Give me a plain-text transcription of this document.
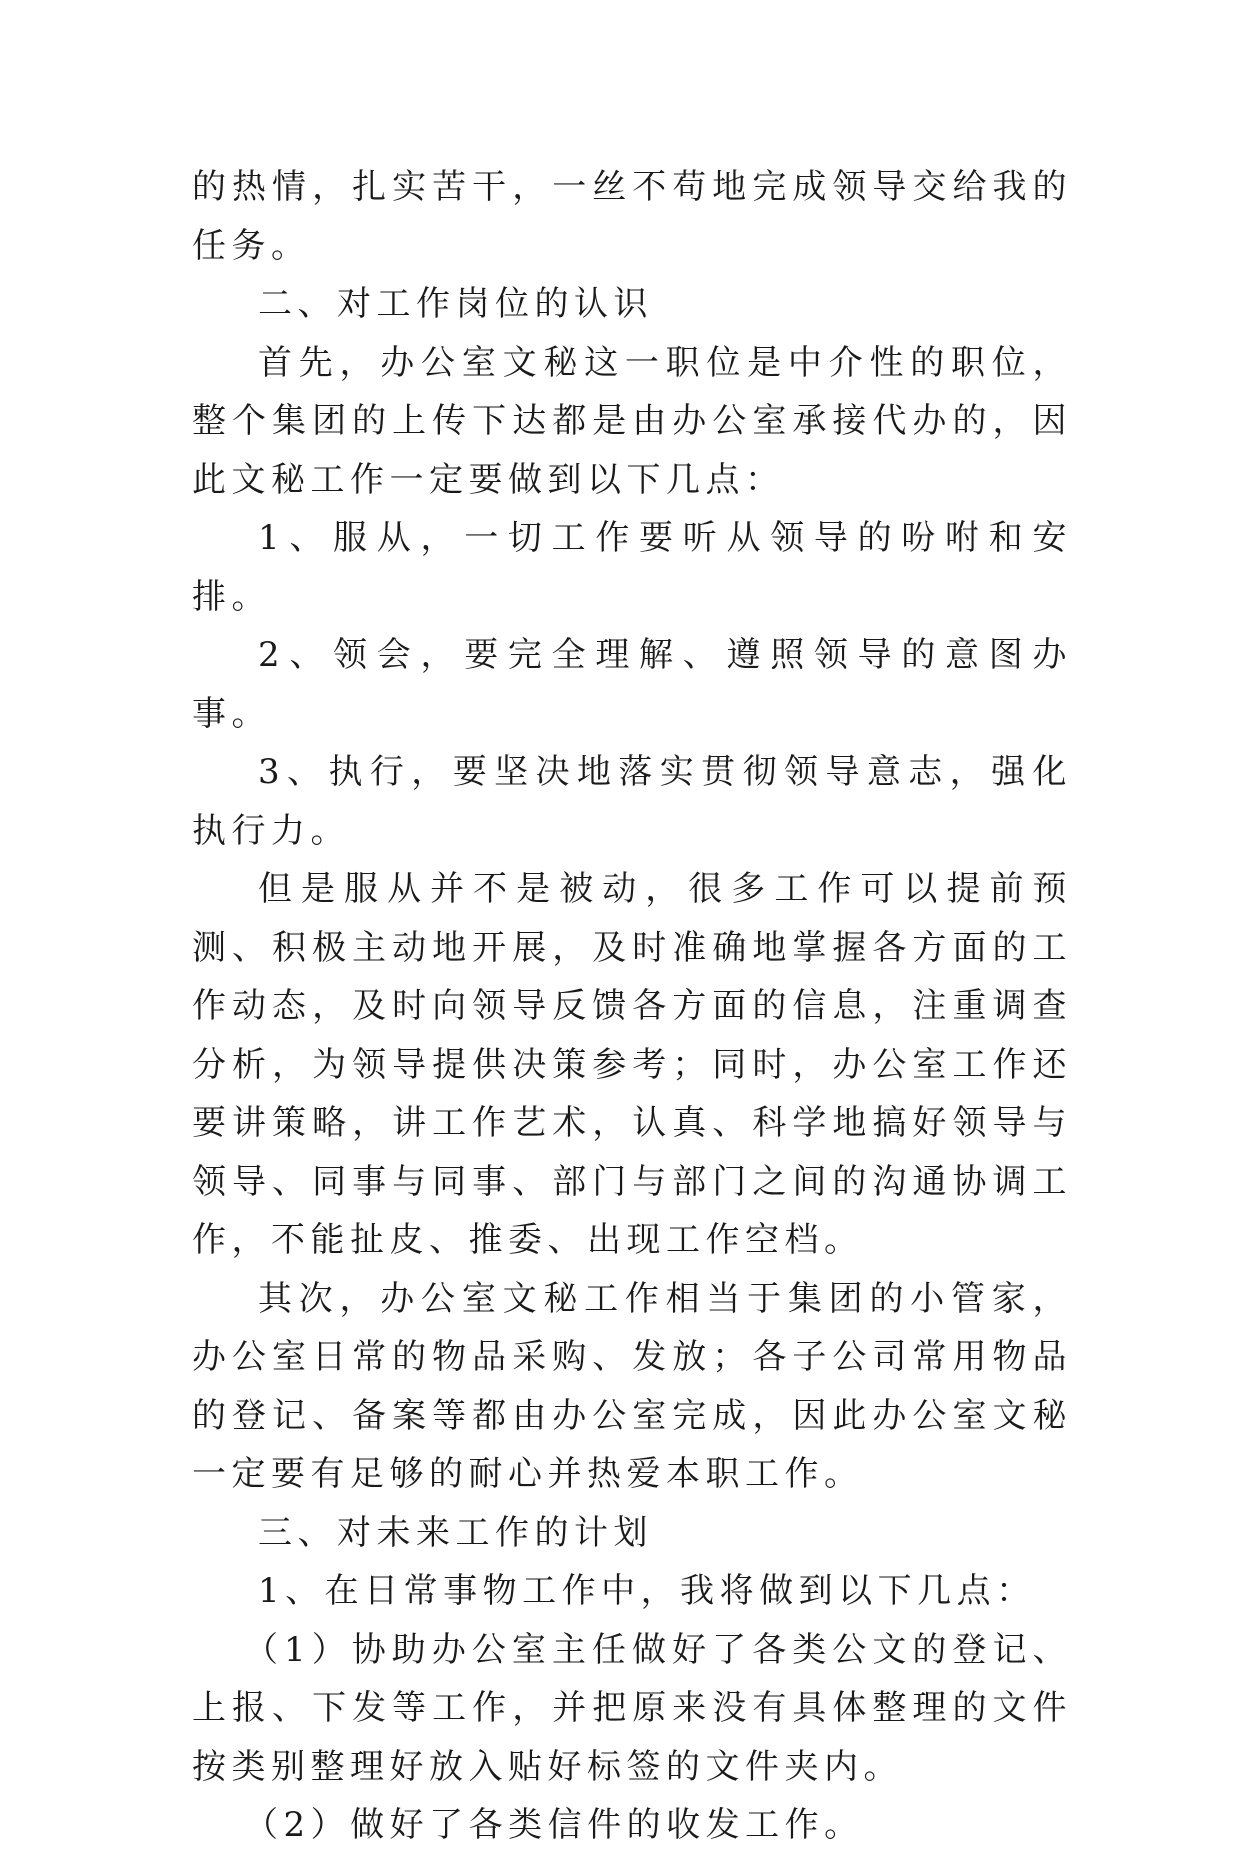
的热情，扎实苦干，一丝不苟地完成领导交给我的任务。

二、对工作岗位的认识

首先，办公室文秘这一职位是中介性的职位，整个集团的上传下达都是由办公室承接代办的，因此文秘工作一定要做到以下几点：

1、服从，一切工作要听从领导的吩咐和安排。

2、领会，要完全理解、遵照领导的意图办事。

3、执行，要坚决地落实贯彻领导意志，强化执行力。

但是服从并不是被动，很多工作可以提前预测、积极主动地开展，及时准确地掌握各方面的工作动态，及时向领导反馈各方面的信息，注重调查分析，为领导提供决策参考；同时，办公室工作还要讲策略，讲工作艺术，认真、科学地搞好领导与领导、同事与同事、部门与部门之间的沟通协调工作，不能扯皮、推委、出现工作空档。

其次，办公室文秘工作相当于集团的小管家，办公室日常的物品采购、发放；各子公司常用物品的登记、备案等都由办公室完成，因此办公室文秘一定要有足够的耐心并热爱本职工作。

三、对未来工作的计划

1、在日常事物工作中，我将做到以下几点：

（1）协助办公室主任做好了各类公文的登记、上报、下发等工作，并把原来没有具体整理的文件按类别整理好放入贴好标签的文件夹内。

（2）做好了各类信件的收发工作。
